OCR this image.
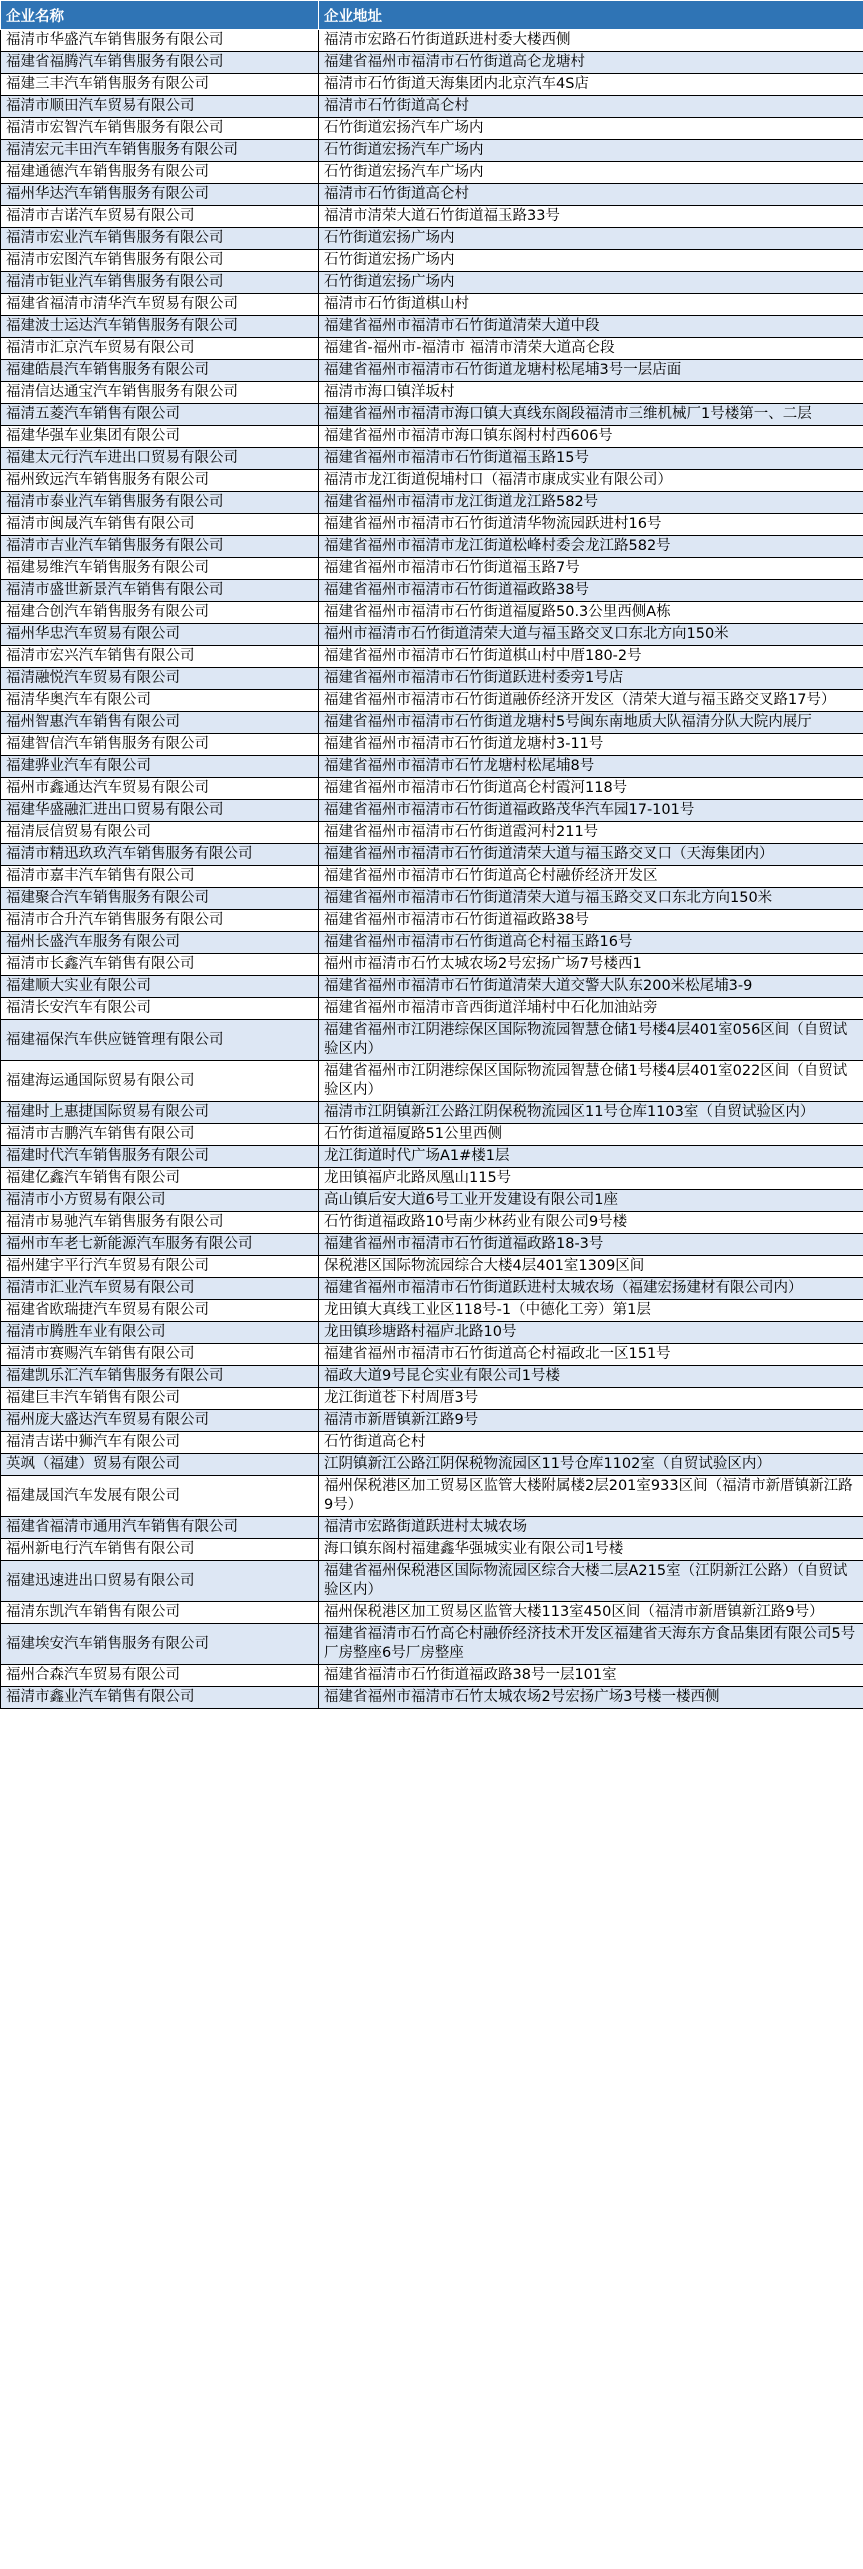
企业名称	企业地址
福清市华盛汽车销售服务有限公司	福清市宏路石竹街道跃进村委大楼西侧
福建省福腾汽车销售服务有限公司	福建省福州市福清市石竹街道高仑龙塘村
福建三丰汽车销售服务有限公司	福清市石竹街道天海集团内北京汽车4S店
福清市顺田汽车贸易有限公司	福清市石竹街道高仑村
福清市宏智汽车销售服务有限公司	石竹街道宏扬汽车广场内
福清宏元丰田汽车销售服务有限公司	石竹街道宏扬汽车广场内
福建通德汽车销售服务有限公司	石竹街道宏扬汽车广场内
福州华达汽车销售服务有限公司	福清市石竹街道高仑村
福清市吉诺汽车贸易有限公司	福清市清荣大道石竹街道福玉路33号
福清市宏业汽车销售服务有限公司	石竹街道宏扬广场内
福清市宏图汽车销售服务有限公司	石竹街道宏扬广场内
福清市钜业汽车销售服务有限公司	石竹街道宏扬广场内
福建省福清市清华汽车贸易有限公司	福清市石竹街道棋山村
福建波士运达汽车销售服务有限公司	福建省福州市福清市石竹街道清荣大道中段
福清市汇京汽车贸易有限公司	福建省-福州市-福清市 福清市清荣大道高仑段
福建皓晨汽车销售服务有限公司	福建省福州市福清市石竹街道龙塘村松尾埔3号一层店面
福清信达通宝汽车销售服务有限公司	福清市海口镇洋坂村
福清五菱汽车销售有限公司	福建省福州市福清市海口镇大真线东阁段福清市三维机械厂1号楼第一、二层
福建华强车业集团有限公司	福建省福州市福清市海口镇东阁村村西606号
福建太元行汽车进出口贸易有限公司	福建省福州市福清市石竹街道福玉路15号
福州致远汽车销售服务有限公司	福清市龙江街道倪埔村口（福清市康成实业有限公司）
福清市泰业汽车销售服务有限公司	福建省福州市福清市龙江街道龙江路582号
福清市闽晟汽车销售有限公司	福建省福州市福清市石竹街道清华物流园跃进村16号
福清市吉业汽车销售服务有限公司	福建省福州市福清市龙江街道松峰村委会龙江路582号
福建易维汽车销售服务有限公司	福建省福州市福清市石竹街道福玉路7号
福清市盛世新景汽车销售有限公司	福建省福州市福清市石竹街道福政路38号
福建合创汽车销售服务有限公司	福建省福州市福清市石竹街道福厦路50.3公里西侧A栋
福州华忠汽车贸易有限公司	福州市福清市石竹街道清荣大道与福玉路交叉口东北方向150米
福清市宏兴汽车销售有限公司	福建省福州市福清市石竹街道棋山村中厝180-2号
福清融悦汽车贸易有限公司	福建省福州市福清市石竹街道跃进村委旁1号店
福清华奥汽车有限公司	福建省福州市福清市石竹街道融侨经济开发区（清荣大道与福玉路交叉路17号）
福州智惠汽车销售有限公司	福建省福州市福清市石竹街道龙塘村5号闽东南地质大队福清分队大院内展厅
福建智信汽车销售服务有限公司	福建省福州市福清市石竹街道龙塘村3-11号
福建骅业汽车有限公司	福建省福州市福清市石竹龙塘村松尾埔8号
福州市鑫通达汽车贸易有限公司	福建省福州市福清市石竹街道高仑村霞河118号
福建华盛融汇进出口贸易有限公司	福建省福州市福清市石竹街道福政路茂华汽车园17-101号
福清辰信贸易有限公司	福建省福州市福清市石竹街道霞河村211号
福清市精迅玖玖汽车销售服务有限公司	福建省福州市福清市石竹街道清荣大道与福玉路交叉口（天海集团内）
福清市嘉丰汽车销售有限公司	福建省福州市福清市石竹街道高仑村融侨经济开发区
福建聚合汽车销售服务有限公司	福建省福州市福清市石竹街道清荣大道与福玉路交叉口东北方向150米
福清市合升汽车销售服务有限公司	福建省福州市福清市石竹街道福政路38号
福州长盛汽车服务有限公司	福建省福州市福清市石竹街道高仑村福玉路16号
福清市长鑫汽车销售有限公司	福州市福清市石竹太城农场2号宏扬广场7号楼西1
福建顺大实业有限公司	福建省福州市福清市石竹街道清荣大道交警大队东200米松尾埔3-9
福清长安汽车有限公司	福建省福州市福清市音西街道洋埔村中石化加油站旁
福建福保汽车供应链管理有限公司	福建省福州市江阴港综保区国际物流园智慧仓储1号楼4层401室056区间（自贸试验区内）
福建海运通国际贸易有限公司	福建省福州市江阴港综保区国际物流园智慧仓储1号楼4层401室022区间（自贸试验区内）
福建时上惠捷国际贸易有限公司	福清市江阴镇新江公路江阴保税物流园区11号仓库1103室（自贸试验区内）
福清市吉鹏汽车销售有限公司	石竹街道福厦路51公里西侧
福建时代汽车销售服务有限公司	龙江街道时代广场A1#楼1层
福建亿鑫汽车销售有限公司	龙田镇福庐北路凤凰山115号
福清市小方贸易有限公司	高山镇后安大道6号工业开发建设有限公司1座
福清市易驰汽车销售服务有限公司	石竹街道福政路10号南少林药业有限公司9号楼
福州市车老七新能源汽车服务有限公司	福建省福州市福清市石竹街道福政路18-3号
福州建宇平行汽车贸易有限公司	保税港区国际物流园综合大楼4层401室1309区间
福清市汇业汽车贸易有限公司	福建省福州市福清市石竹街道跃进村太城农场（福建宏扬建材有限公司内）
福建省欧瑞捷汽车贸易有限公司	龙田镇大真线工业区118号-1（中德化工旁）第1层
福清市腾胜车业有限公司	龙田镇珍塘路村福庐北路10号
福清市赛赐汽车销售有限公司	福建省福州市福清市石竹街道高仑村福政北一区151号
福建凯乐汇汽车销售服务有限公司	福政大道9号昆仑实业有限公司1号楼
福建巨丰汽车销售有限公司	龙江街道苍下村周厝3号
福州庞大盛达汽车贸易有限公司	福清市新厝镇新江路9号
福清吉诺中狮汽车有限公司	石竹街道高仑村
英飒（福建）贸易有限公司	江阴镇新江公路江阴保税物流园区11号仓库1102室（自贸试验区内）
福建晟国汽车发展有限公司	福州保税港区加工贸易区监管大楼附属楼2层201室933区间（福清市新厝镇新江路9号）
福建省福清市通用汽车销售有限公司	福清市宏路街道跃进村太城农场
福州新电行汽车销售有限公司	海口镇东阁村福建鑫华强城实业有限公司1号楼
福建迅速进出口贸易有限公司	福建省福州保税港区国际物流园区综合大楼二层A215室（江阴新江公路）（自贸试验区内）
福清东凯汽车销售有限公司	福州保税港区加工贸易区监管大楼113室450区间（福清市新厝镇新江路9号）
福建埃安汽车销售服务有限公司	福建省福清市石竹高仑村融侨经济技术开发区福建省天海东方食品集团有限公司5号厂房整座6号厂房整座
福州合森汽车贸易有限公司	福建省福清市石竹街道福政路38号一层101室
福清市鑫业汽车销售有限公司	福建省福州市福清市石竹太城农场2号宏扬广场3号楼一楼西侧
